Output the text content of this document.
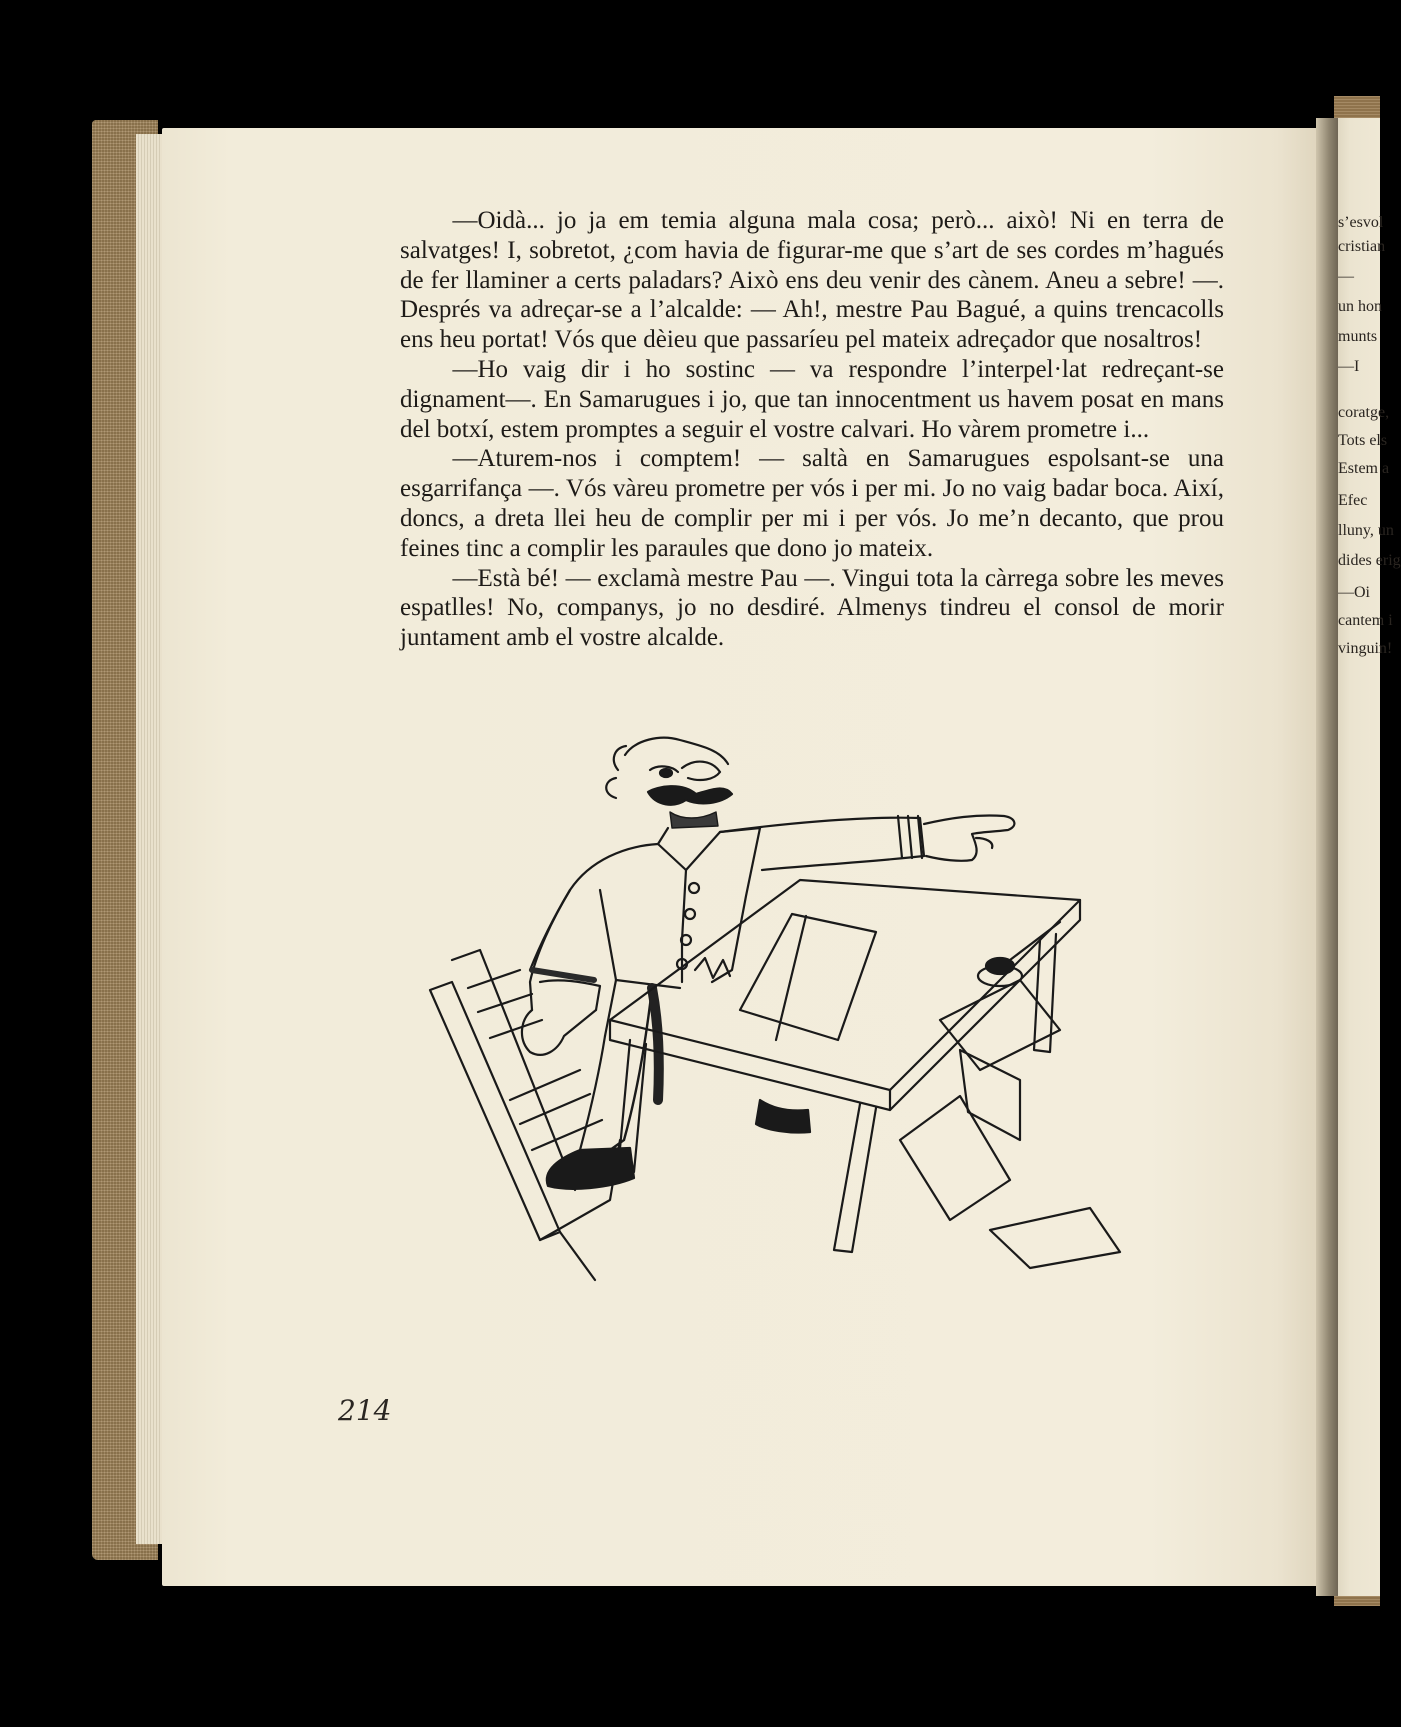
s’esvol
cristian
—
un hon
munts
—I
coratge,
Tots els
Estem a
Efec
lluny, un
dides erig
—Oi
cantem i
vinguin!

—Oidà... jo ja em temia alguna mala cosa; però... això! Ni en terra de salvatges! I, sobretot, ¿com havia de figurar-me que s’art de ses cordes m’hagués de fer llaminer a certs paladars? Això ens deu venir des cànem. Aneu a sebre! —. Després va adreçar-se a l’alcalde: — Ah!, mestre Pau Bagué, a quins trencacolls ens heu portat! Vós que dèieu que passaríeu pel mateix adreçador que nosaltros!

—Ho vaig dir i ho sostinc — va respondre l’interpel·lat redreçant-se dignament—. En Samarugues i jo, que tan innocentment us havem posat en mans del botxí, estem promptes a seguir el vostre calvari. Ho vàrem prometre i...

—Aturem-nos i comptem! — saltà en Samarugues espolsant-se una esgarrifança —. Vós vàreu prometre per vós i per mi. Jo no vaig badar boca. Així, doncs, a dreta llei heu de complir per mi i per vós. Jo me’n decanto, que prou feines tinc a complir les paraules que dono jo mateix.

—Està bé! — exclamà mestre Pau —. Vingui tota la càrrega sobre les meves espatlles! No, companys, jo no desdiré. Almenys tindreu el consol de morir juntament amb el vostre alcalde.

214
